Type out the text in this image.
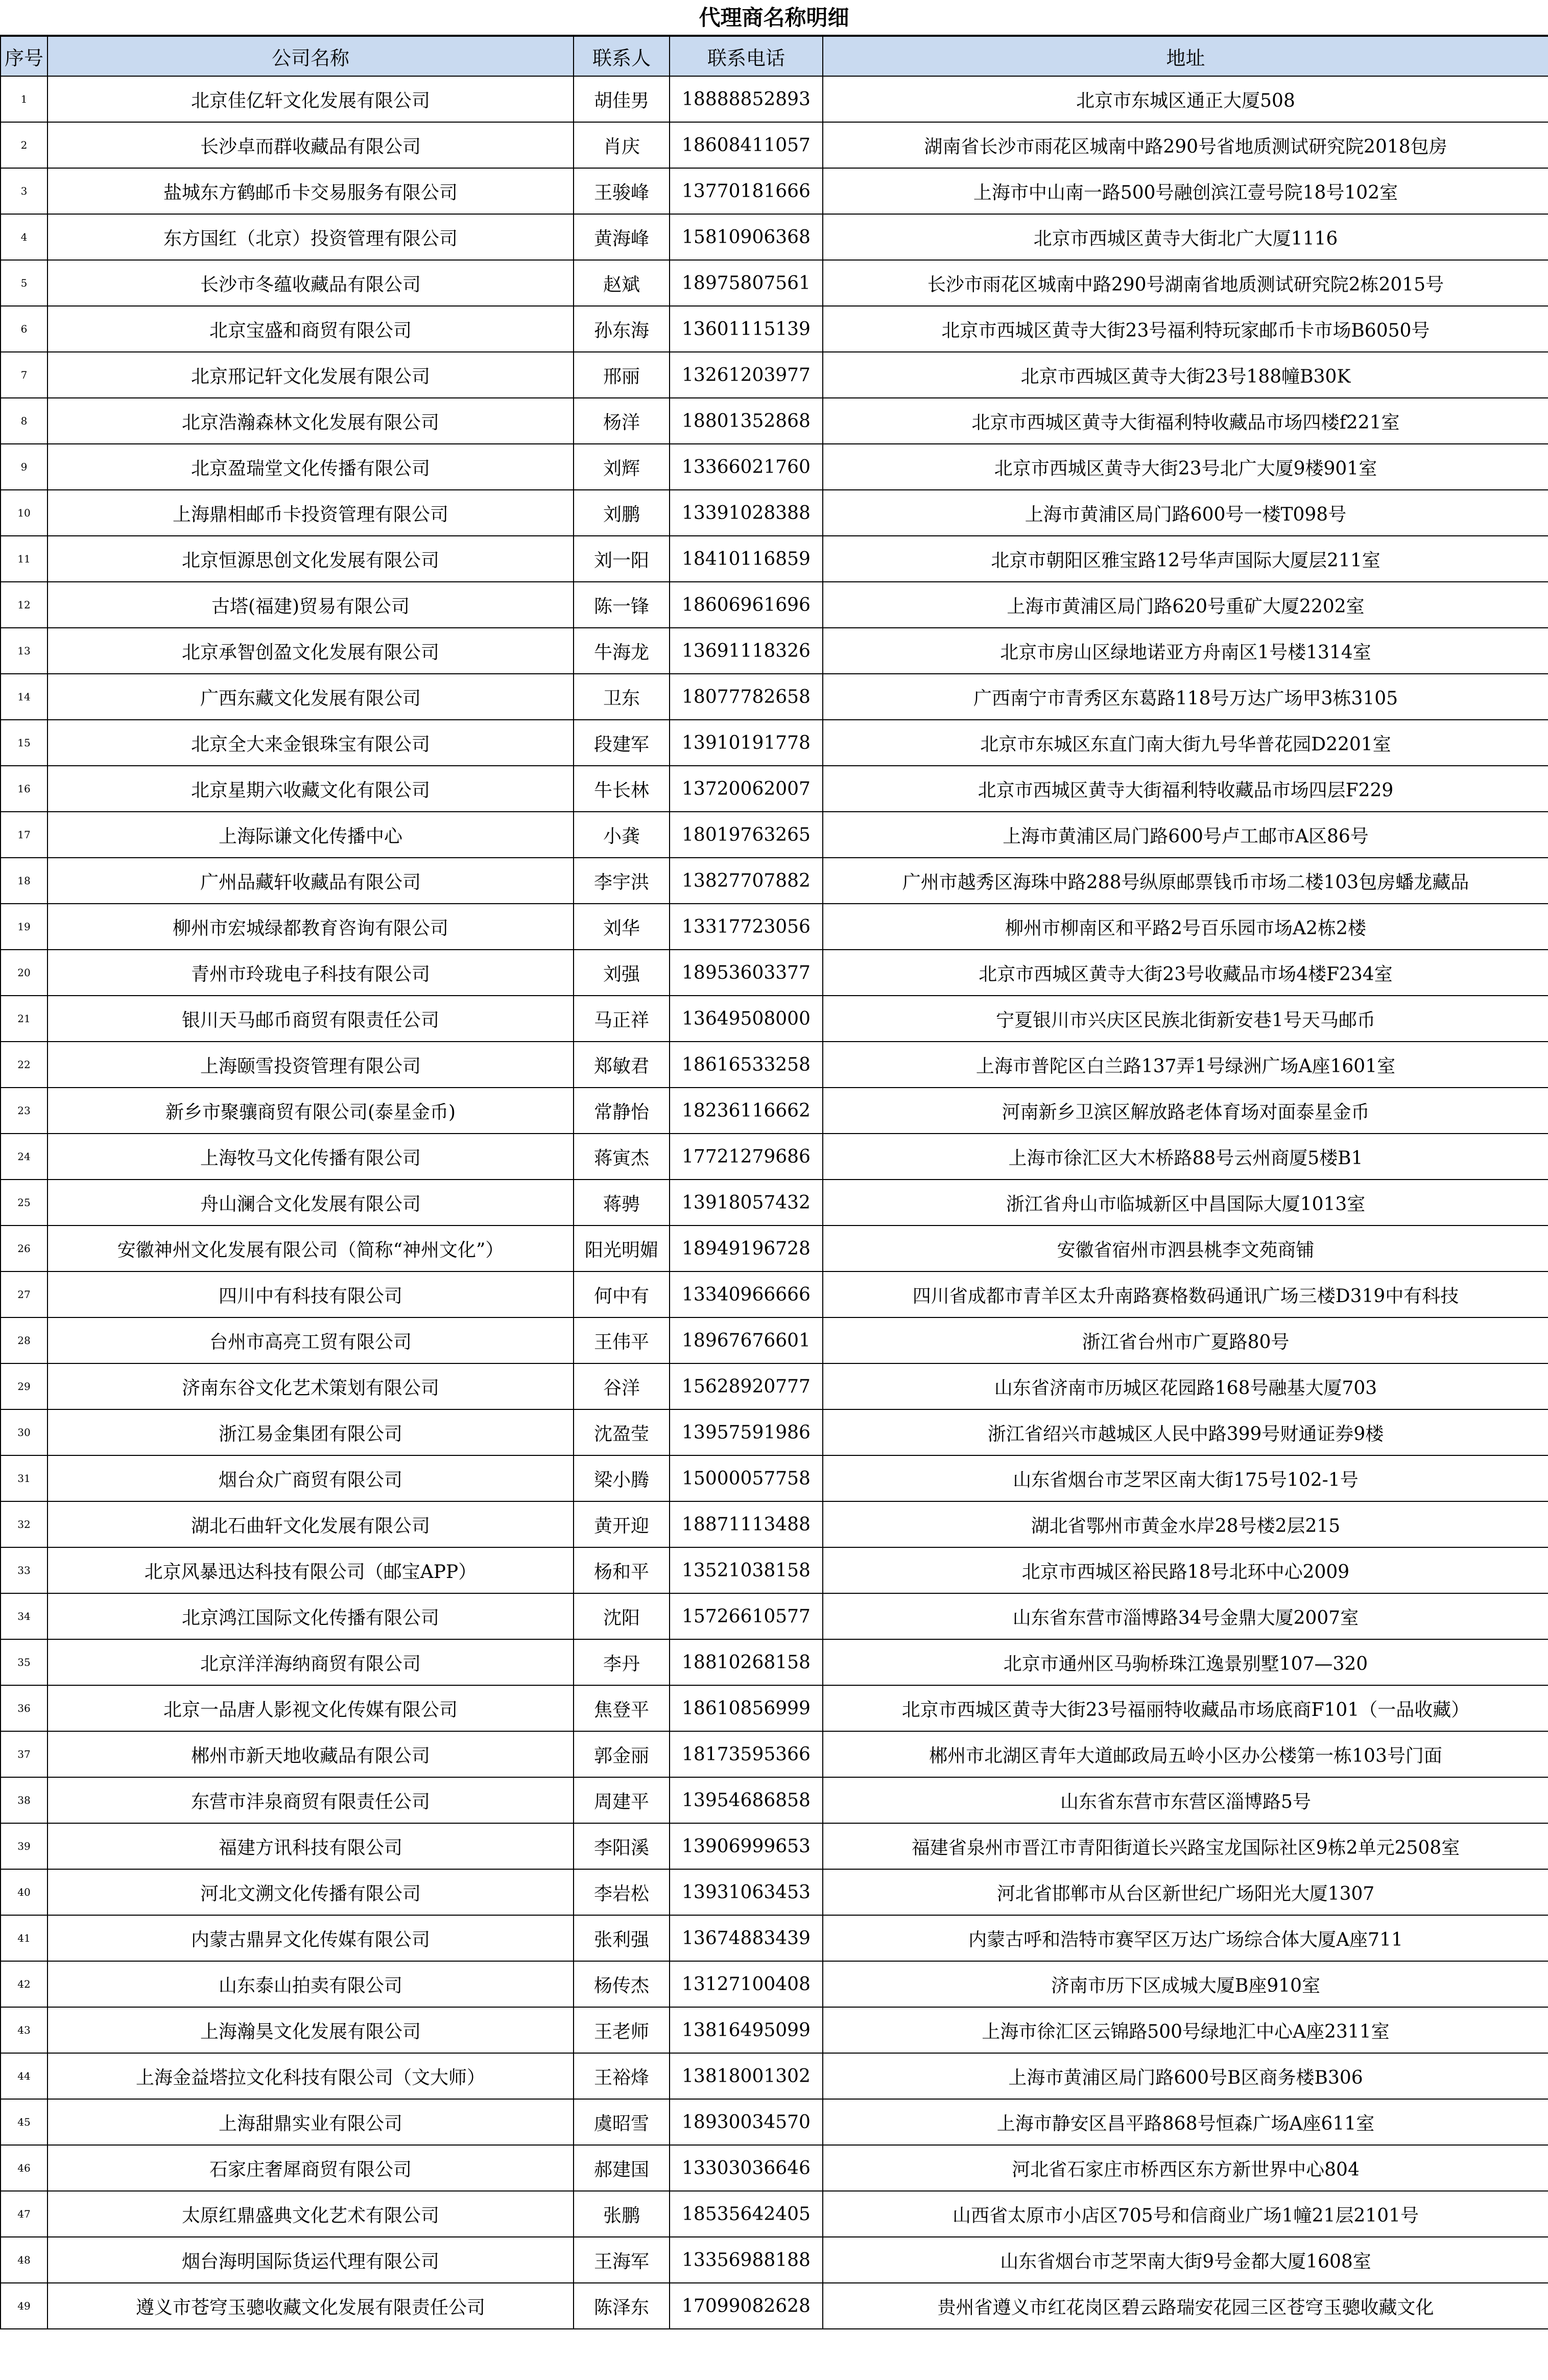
代理商名称明细
序号	公司名称	联系人	联系电话	地址
1	北京佳亿轩文化发展有限公司	胡佳男	18888852893	北京市东城区通正大厦508
2	长沙卓而群收藏品有限公司	肖庆	18608411057	湖南省长沙市雨花区城南中路290号省地质测试研究院2018包房
3	盐城东方鹤邮币卡交易服务有限公司	王骏峰	13770181666	上海市中山南一路500号融创滨江壹号院18号102室
4	东方国红（北京）投资管理有限公司	黄海峰	15810906368	北京市西城区黄寺大街北广大厦1116
5	长沙市冬蕴收藏品有限公司	赵斌	18975807561	长沙市雨花区城南中路290号湖南省地质测试研究院2栋2015号
6	北京宝盛和商贸有限公司	孙东海	13601115139	北京市西城区黄寺大街23号福利特玩家邮币卡市场B6050号
7	北京邢记轩文化发展有限公司	邢丽	13261203977	北京市西城区黄寺大街23号188幢B30K
8	北京浩瀚森林文化发展有限公司	杨洋	18801352868	北京市西城区黄寺大街福利特收藏品市场四楼f221室
9	北京盈瑞堂文化传播有限公司	刘辉	13366021760	北京市西城区黄寺大街23号北广大厦9楼901室
10	上海鼎相邮币卡投资管理有限公司	刘鹏	13391028388	上海市黄浦区局门路600号一楼T098号
11	北京恒源思创文化发展有限公司	刘一阳	18410116859	北京市朝阳区雅宝路12号华声国际大厦层211室
12	古塔(福建)贸易有限公司	陈一锋	18606961696	上海市黄浦区局门路620号重矿大厦2202室
13	北京承智创盈文化发展有限公司	牛海龙	13691118326	北京市房山区绿地诺亚方舟南区1号楼1314室
14	广西东藏文化发展有限公司	卫东	18077782658	广西南宁市青秀区东葛路118号万达广场甲3栋3105
15	北京全大来金银珠宝有限公司	段建军	13910191778	北京市东城区东直门南大街九号华普花园D2201室
16	北京星期六收藏文化有限公司	牛长林	13720062007	北京市西城区黄寺大街福利特收藏品市场四层F229
17	上海际谦文化传播中心	小龚	18019763265	上海市黄浦区局门路600号卢工邮市A区86号
18	广州品藏轩收藏品有限公司	李宇洪	13827707882	广州市越秀区海珠中路288号纵原邮票钱币市场二楼103包房蟠龙藏品
19	柳州市宏城绿都教育咨询有限公司	刘华	13317723056	柳州市柳南区和平路2号百乐园市场A2栋2楼
20	青州市玲珑电子科技有限公司	刘强	18953603377	北京市西城区黄寺大街23号收藏品市场4楼F234室
21	银川天马邮币商贸有限责任公司	马正祥	13649508000	宁夏银川市兴庆区民族北街新安巷1号天马邮币
22	上海颐雪投资管理有限公司	郑敏君	18616533258	上海市普陀区白兰路137弄1号绿洲广场A座1601室
23	新乡市聚骧商贸有限公司(泰星金币)	常静怡	18236116662	河南新乡卫滨区解放路老体育场对面泰星金币
24	上海牧马文化传播有限公司	蒋寅杰	17721279686	上海市徐汇区大木桥路88号云州商厦5楼B1
25	舟山澜合文化发展有限公司	蒋骋	13918057432	浙江省舟山市临城新区中昌国际大厦1013室
26	安徽神州文化发展有限公司（简称“神州文化”）	阳光明媚	18949196728	安徽省宿州市泗县桃李文苑商铺
27	四川中有科技有限公司	何中有	13340966666	四川省成都市青羊区太升南路赛格数码通讯广场三楼D319中有科技
28	台州市高亮工贸有限公司	王伟平	18967676601	浙江省台州市广夏路80号
29	济南东谷文化艺术策划有限公司	谷洋	15628920777	山东省济南市历城区花园路168号融基大厦703
30	浙江易金集团有限公司	沈盈莹	13957591986	浙江省绍兴市越城区人民中路399号财通证券9楼
31	烟台众广商贸有限公司	梁小腾	15000057758	山东省烟台市芝罘区南大街175号102-1号
32	湖北石曲轩文化发展有限公司	黄开迎	18871113488	湖北省鄂州市黄金水岸28号楼2层215
33	北京风暴迅达科技有限公司（邮宝APP）	杨和平	13521038158	北京市西城区裕民路18号北环中心2009
34	北京鸿江国际文化传播有限公司	沈阳	15726610577	山东省东营市淄博路34号金鼎大厦2007室
35	北京洋洋海纳商贸有限公司	李丹	18810268158	北京市通州区马驹桥珠江逸景别墅107—320
36	北京一品唐人影视文化传媒有限公司	焦登平	18610856999	北京市西城区黄寺大街23号福丽特收藏品市场底商F101（一品收藏）
37	郴州市新天地收藏品有限公司	郭金丽	18173595366	郴州市北湖区青年大道邮政局五岭小区办公楼第一栋103号门面
38	东营市沣泉商贸有限责任公司	周建平	13954686858	山东省东营市东营区淄博路5号
39	福建方讯科技有限公司	李阳溪	13906999653	福建省泉州市晋江市青阳街道长兴路宝龙国际社区9栋2单元2508室
40	河北文溯文化传播有限公司	李岩松	13931063453	河北省邯郸市从台区新世纪广场阳光大厦1307
41	内蒙古鼎昇文化传媒有限公司	张利强	13674883439	内蒙古呼和浩特市赛罕区万达广场综合体大厦A座711
42	山东泰山拍卖有限公司	杨传杰	13127100408	济南市历下区成城大厦B座910室
43	上海瀚昊文化发展有限公司	王老师	13816495099	上海市徐汇区云锦路500号绿地汇中心A座2311室
44	上海金益塔拉文化科技有限公司（文大师）	王裕烽	13818001302	上海市黄浦区局门路600号B区商务楼B306
45	上海甜鼎实业有限公司	虞昭雪	18930034570	上海市静安区昌平路868号恒森广场A座611室
46	石家庄奢犀商贸有限公司	郝建国	13303036646	河北省石家庄市桥西区东方新世界中心804
47	太原红鼎盛典文化艺术有限公司	张鹏	18535642405	山西省太原市小店区705号和信商业广场1幢21层2101号
48	烟台海明国际货运代理有限公司	王海军	13356988188	山东省烟台市芝罘南大街9号金都大厦1608室
49	遵义市苍穹玉骢收藏文化发展有限责任公司	陈泽东	17099082628	贵州省遵义市红花岗区碧云路瑞安花园三区苍穹玉骢收藏文化
